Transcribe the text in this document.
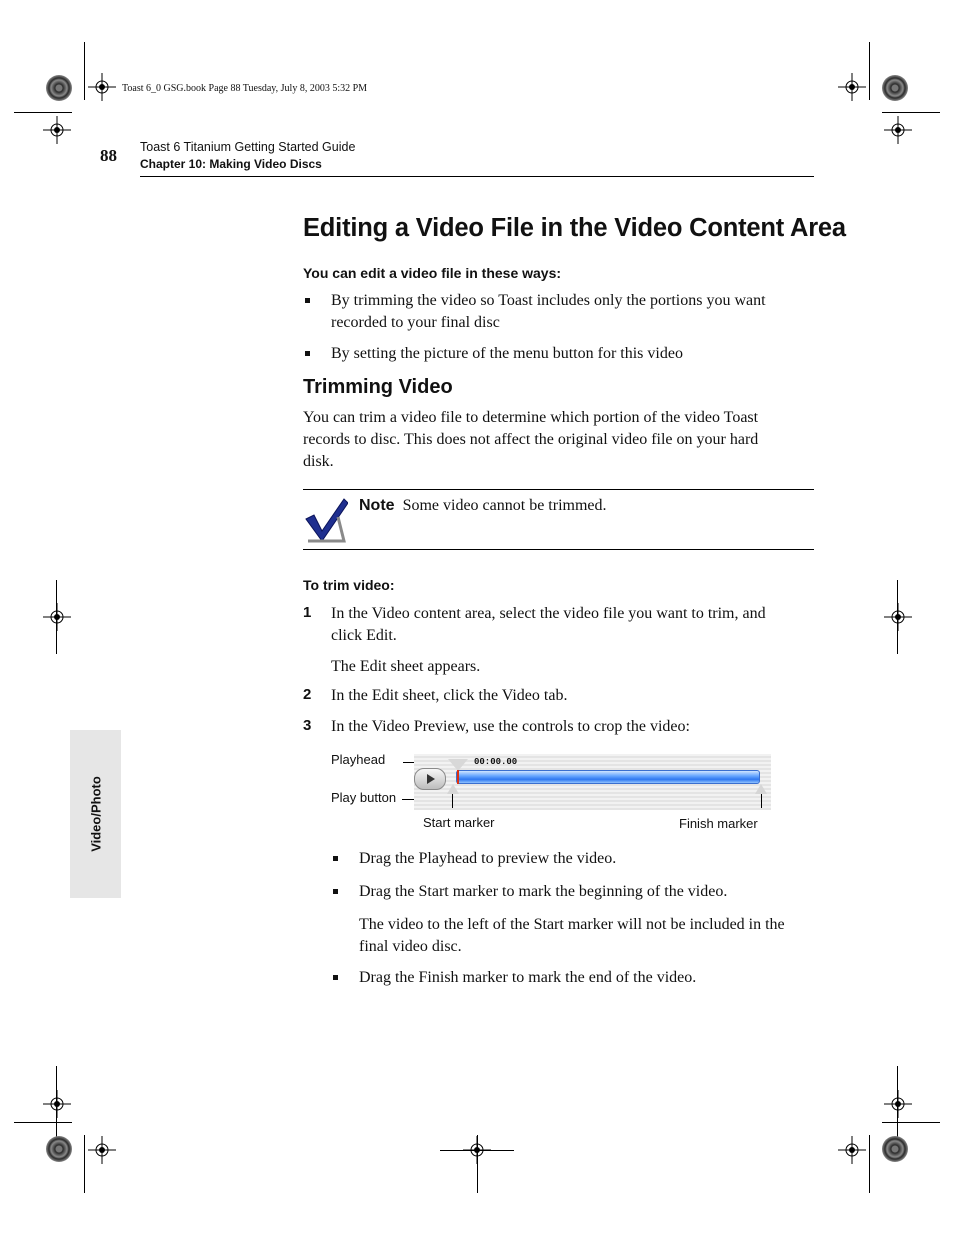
Toast 6_0 GSG.book Page 88 Tuesday, July 8, 2003 5:32 PM
88 Toast 6 Titanium Getting Started Guide
Chapter 10: Making Video Discs
Video/Photo
Editing a Video File in the Video Content Area
You can edit a video file in these ways:
By trimming the video so Toast includes only the portions you want
recorded to your final disc
By setting the picture of the menu button for this video
Trimming Video
You can trim a video file to determine which portion of the video Toast
records to disc. This does not affect the original video file on your hard
disk.
Note Some video cannot be trimmed.
To trim video:
1 In the Video content area, select the video file you want to trim, and
click Edit.
The Edit sheet appears.
2 In the Edit sheet, click the Video tab.
3 In the Video Preview, use the controls to crop the video:
Playhead
Play button
00:00.00
Start marker	Finish marker
Drag the Playhead to preview the video.
Drag the Start marker to mark the beginning of the video.
The video to the left of the Start marker will not be included in the
final video disc.
Drag the Finish marker to mark the end of the video.
